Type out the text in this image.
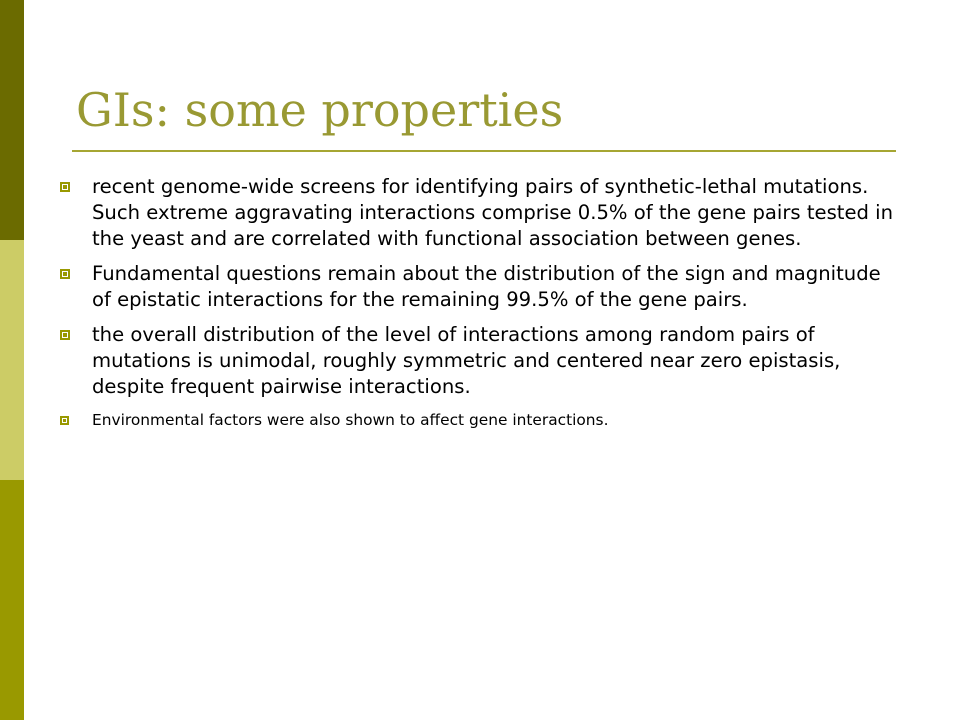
GIs: some properties
recent genome-wide screens for identifying pairs of synthetic-lethal mutations. Such extreme aggravating interactions comprise 0.5% of the gene pairs tested in the yeast and are correlated with functional association between genes.
Fundamental questions remain about the distribution of the sign and magnitude of epistatic interactions for the remaining 99.5% of the gene pairs.
the overall distribution of the level of interactions among random pairs of mutations is unimodal, roughly symmetric and centered near zero epistasis, despite frequent pairwise interactions.
Environmental factors were also shown to affect gene interactions.
